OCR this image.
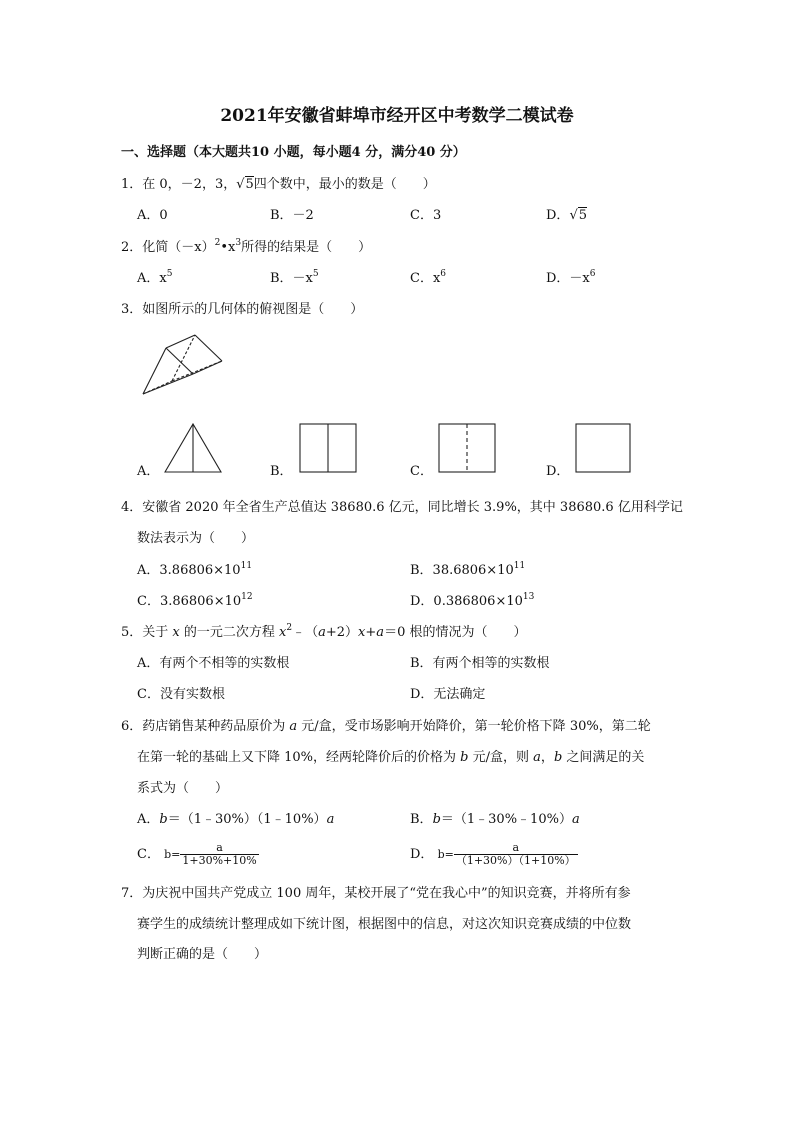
2021年安徽省蚌埠市经开区中考数学二模试卷
一、选择题（本大题共10 小题，每小题4 分，满分40 分）
1．在 0，－2，3，√5四个数中，最小的数是（　　）
A．0	B．－2	C．3	D．√5
2．化简$(-x)^2•x^3$所得的结果是（　　）
A．$x^5$	B．$-x^5$	C．$x^6$	D．$-x^6$
3．如图所示的几何体的俯视图是（　　）
A．	B．	C．	D．
4．安徽省 2020 年全省生产总值达 38680.6 亿元，同比增长 3.9%，其中 38680.6 亿用科学记
数法表示为（　　）
A．$3.86806\times 10^{11}$	B．$38.6806\times 10^{11}$
C．$3.86806\times 10^{12}$	D．$0.386806\times 10^{13}$
5．关于 x 的一元二次方程 $x^2﹣(a+2)x+a=0$ 根的情况为（　　）
A．有两个不相等的实数根	B．有两个相等的实数根
C．没有实数根	D．无法确定
6．药店销售某种药品原价为 a 元/盒，受市场影响开始降价，第一轮价格下降 30%，第二轮
在第一轮的基础上又下降 10%，经两轮降价后的价格为 b 元/盒，则 a，b 之间满足的关
系式为（　　）
A．b＝（1﹣30%）（1﹣10%）a	B．b＝（1﹣30%﹣10%）a
C． $b= \frac{a}{1+30\%+10\%}$	D． $b= \frac{a}{(1+30\%)(1+10\%)}$
7．为庆祝中国共产党成立 100 周年，某校开展了“党在我心中”的知识竞赛，并将所有参
赛学生的成绩统计整理成如下统计图，根据图中的信息，对这次知识竞赛成绩的中位数
判断正确的是（　　）
